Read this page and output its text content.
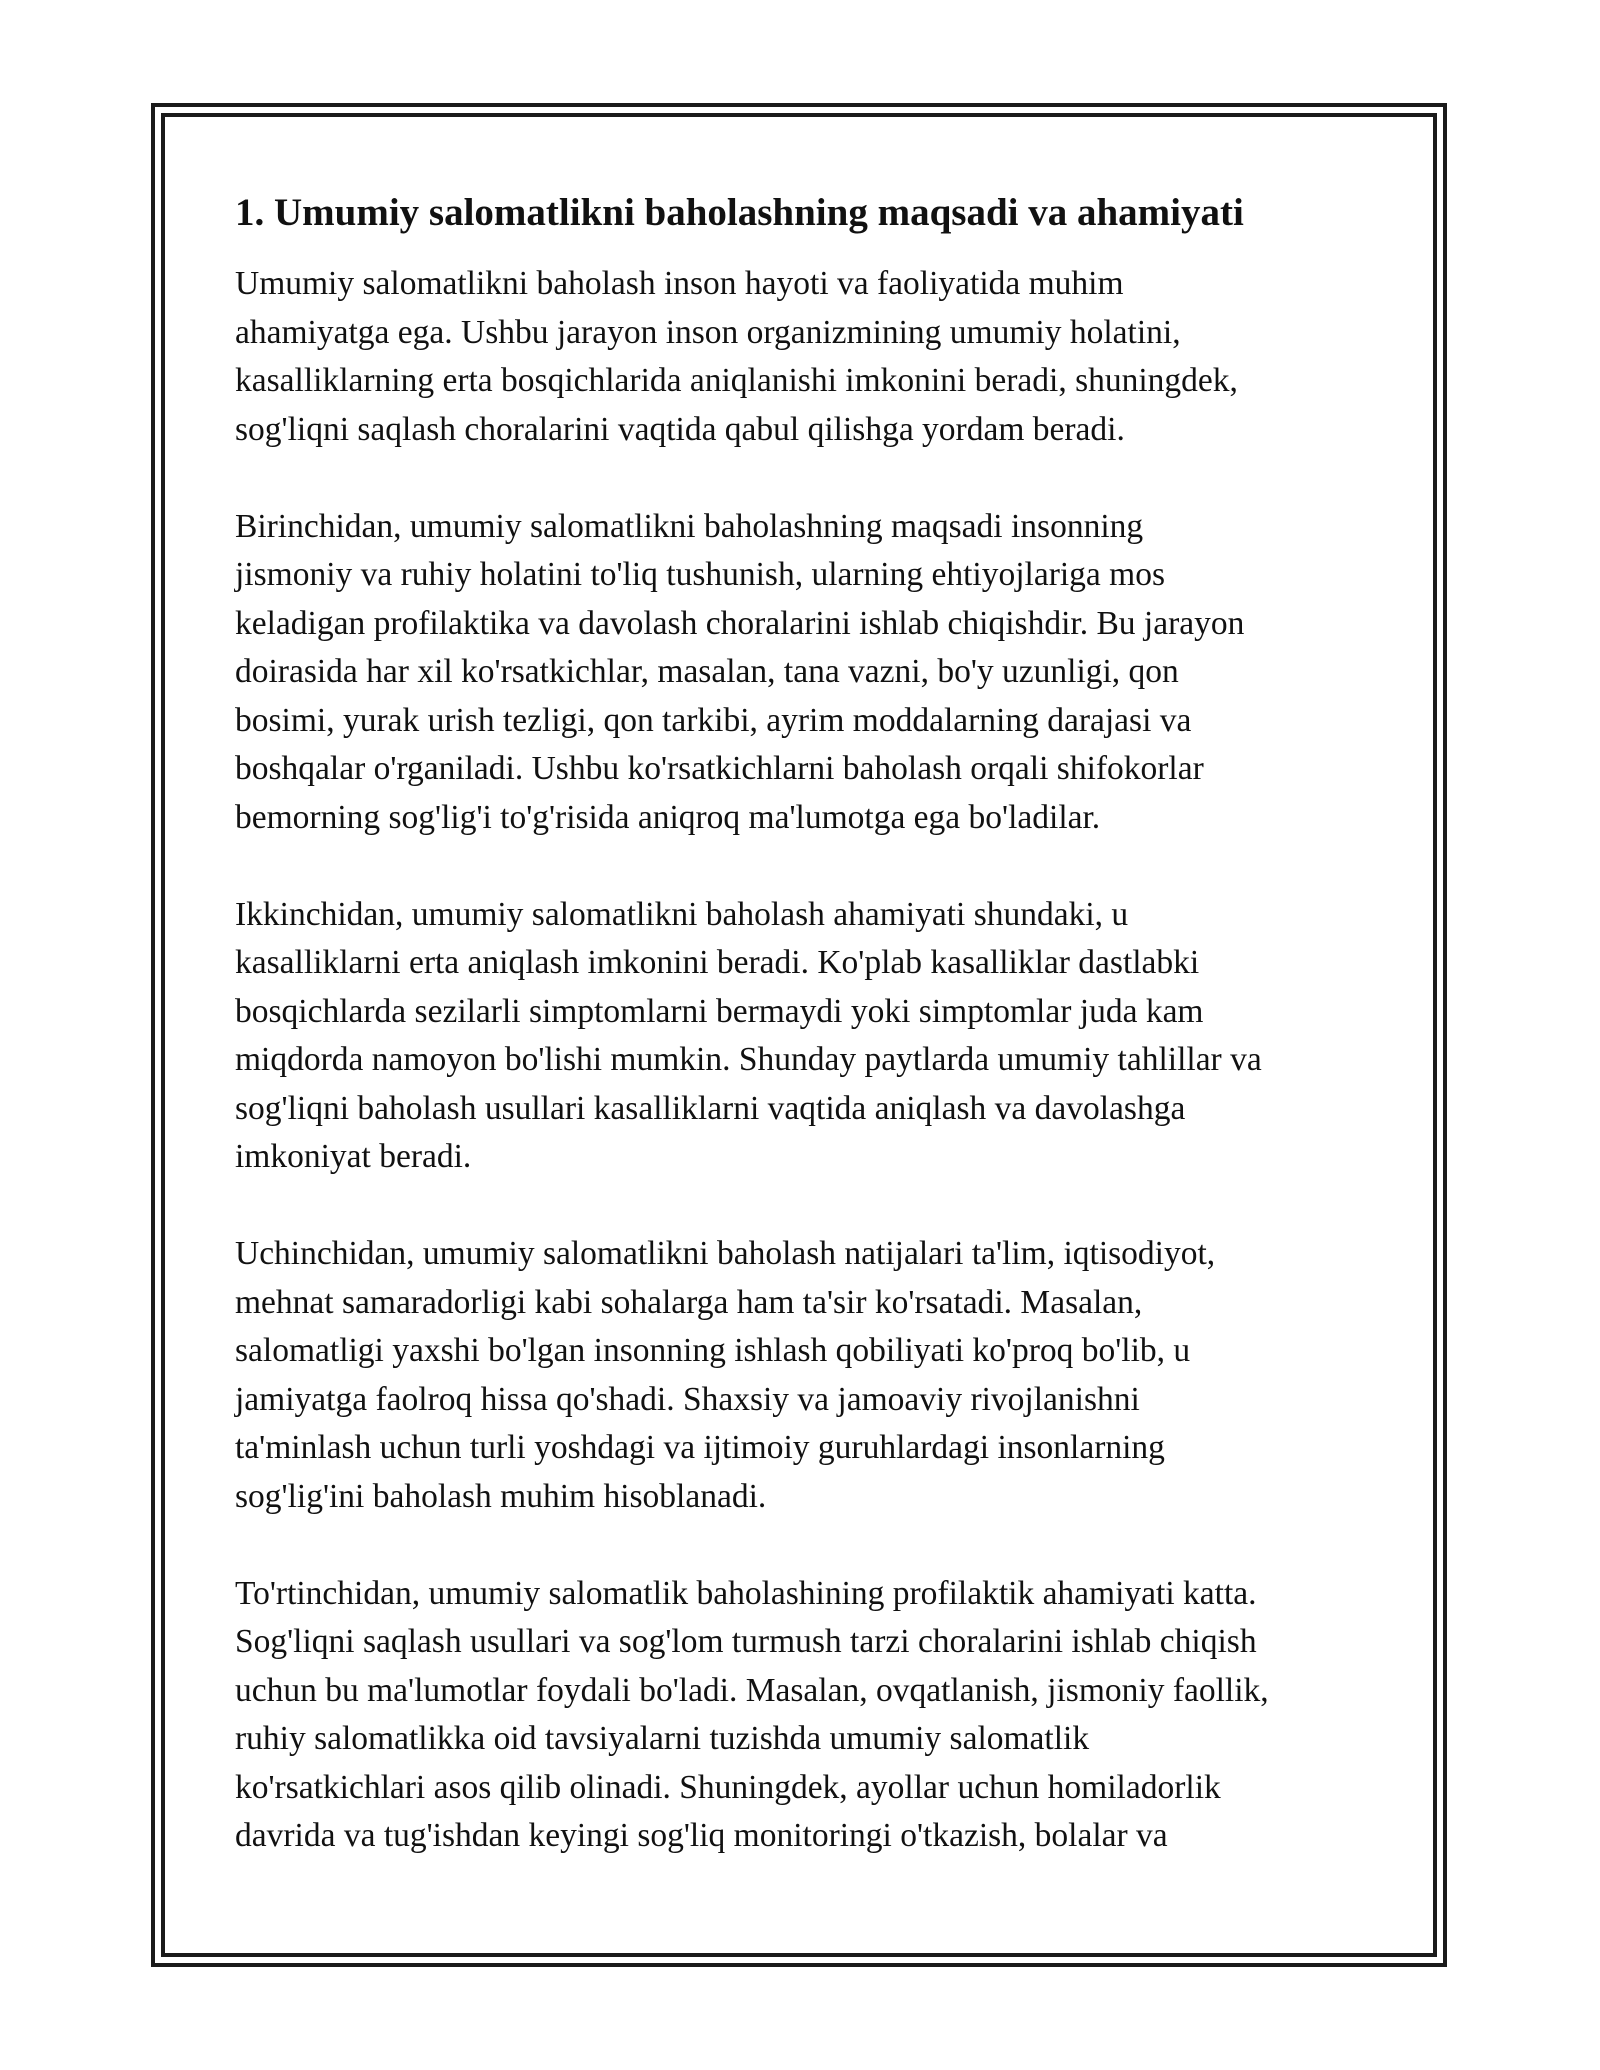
1. Umumiy salomatlikni baholashning maqsadi va ahamiyati

Umumiy salomatlikni baholash inson hayoti va faoliyatida muhim
ahamiyatga ega. Ushbu jarayon inson organizmining umumiy holatini,
kasalliklarning erta bosqichlarida aniqlanishi imkonini beradi, shuningdek,
sog'liqni saqlash choralarini vaqtida qabul qilishga yordam beradi.

Birinchidan, umumiy salomatlikni baholashning maqsadi insonning
jismoniy va ruhiy holatini to'liq tushunish, ularning ehtiyojlariga mos
keladigan profilaktika va davolash choralarini ishlab chiqishdir. Bu jarayon
doirasida har xil ko'rsatkichlar, masalan, tana vazni, bo'y uzunligi, qon
bosimi, yurak urish tezligi, qon tarkibi, ayrim moddalarning darajasi va
boshqalar o'rganiladi. Ushbu ko'rsatkichlarni baholash orqali shifokorlar
bemorning sog'lig'i to'g'risida aniqroq ma'lumotga ega bo'ladilar.

Ikkinchidan, umumiy salomatlikni baholash ahamiyati shundaki, u
kasalliklarni erta aniqlash imkonini beradi. Ko'plab kasalliklar dastlabki
bosqichlarda sezilarli simptomlarni bermaydi yoki simptomlar juda kam
miqdorda namoyon bo'lishi mumkin. Shunday paytlarda umumiy tahlillar va
sog'liqni baholash usullari kasalliklarni vaqtida aniqlash va davolashga
imkoniyat beradi.

Uchinchidan, umumiy salomatlikni baholash natijalari ta'lim, iqtisodiyot,
mehnat samaradorligi kabi sohalarga ham ta'sir ko'rsatadi. Masalan,
salomatligi yaxshi bo'lgan insonning ishlash qobiliyati ko'proq bo'lib, u
jamiyatga faolroq hissa qo'shadi. Shaxsiy va jamoaviy rivojlanishni
ta'minlash uchun turli yoshdagi va ijtimoiy guruhlardagi insonlarning
sog'lig'ini baholash muhim hisoblanadi.

To'rtinchidan, umumiy salomatlik baholashining profilaktik ahamiyati katta.
Sog'liqni saqlash usullari va sog'lom turmush tarzi choralarini ishlab chiqish
uchun bu ma'lumotlar foydali bo'ladi. Masalan, ovqatlanish, jismoniy faollik,
ruhiy salomatlikka oid tavsiyalarni tuzishda umumiy salomatlik
ko'rsatkichlari asos qilib olinadi. Shuningdek, ayollar uchun homiladorlik
davrida va tug'ishdan keyingi sog'liq monitoringi o'tkazish, bolalar va
